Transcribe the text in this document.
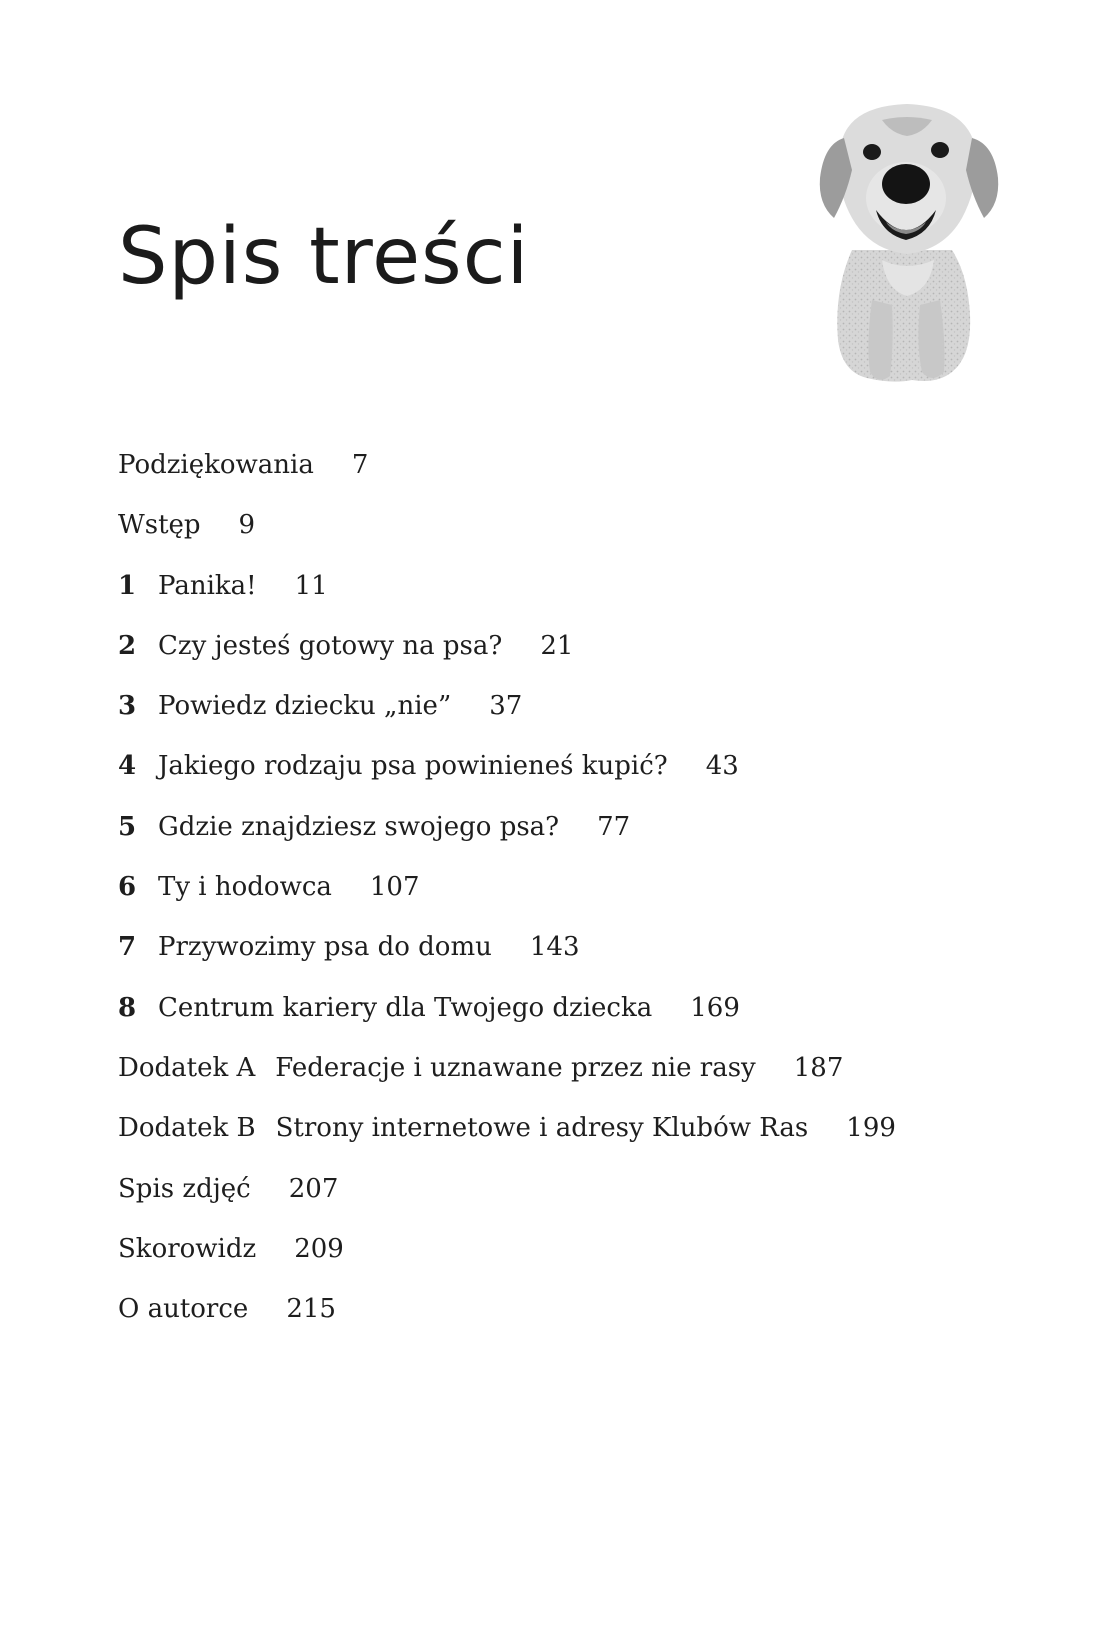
Spis treści
Podziękowania 7
Wstęp 9
1 Panika! 11
2 Czy jesteś gotowy na psa? 21
3 Powiedz dziecku „nie” 37
4 Jakiego rodzaju psa powinieneś kupić? 43
5 Gdzie znajdziesz swojego psa? 77
6 Ty i hodowca 107
7 Przywozimy psa do domu 143
8 Centrum kariery dla Twojego dziecka 169
Dodatek A Federacje i uznawane przez nie rasy 187
Dodatek B Strony internetowe i adresy Klubów Ras 199
Spis zdjęć 207
Skorowidz 209
O autorce 215
